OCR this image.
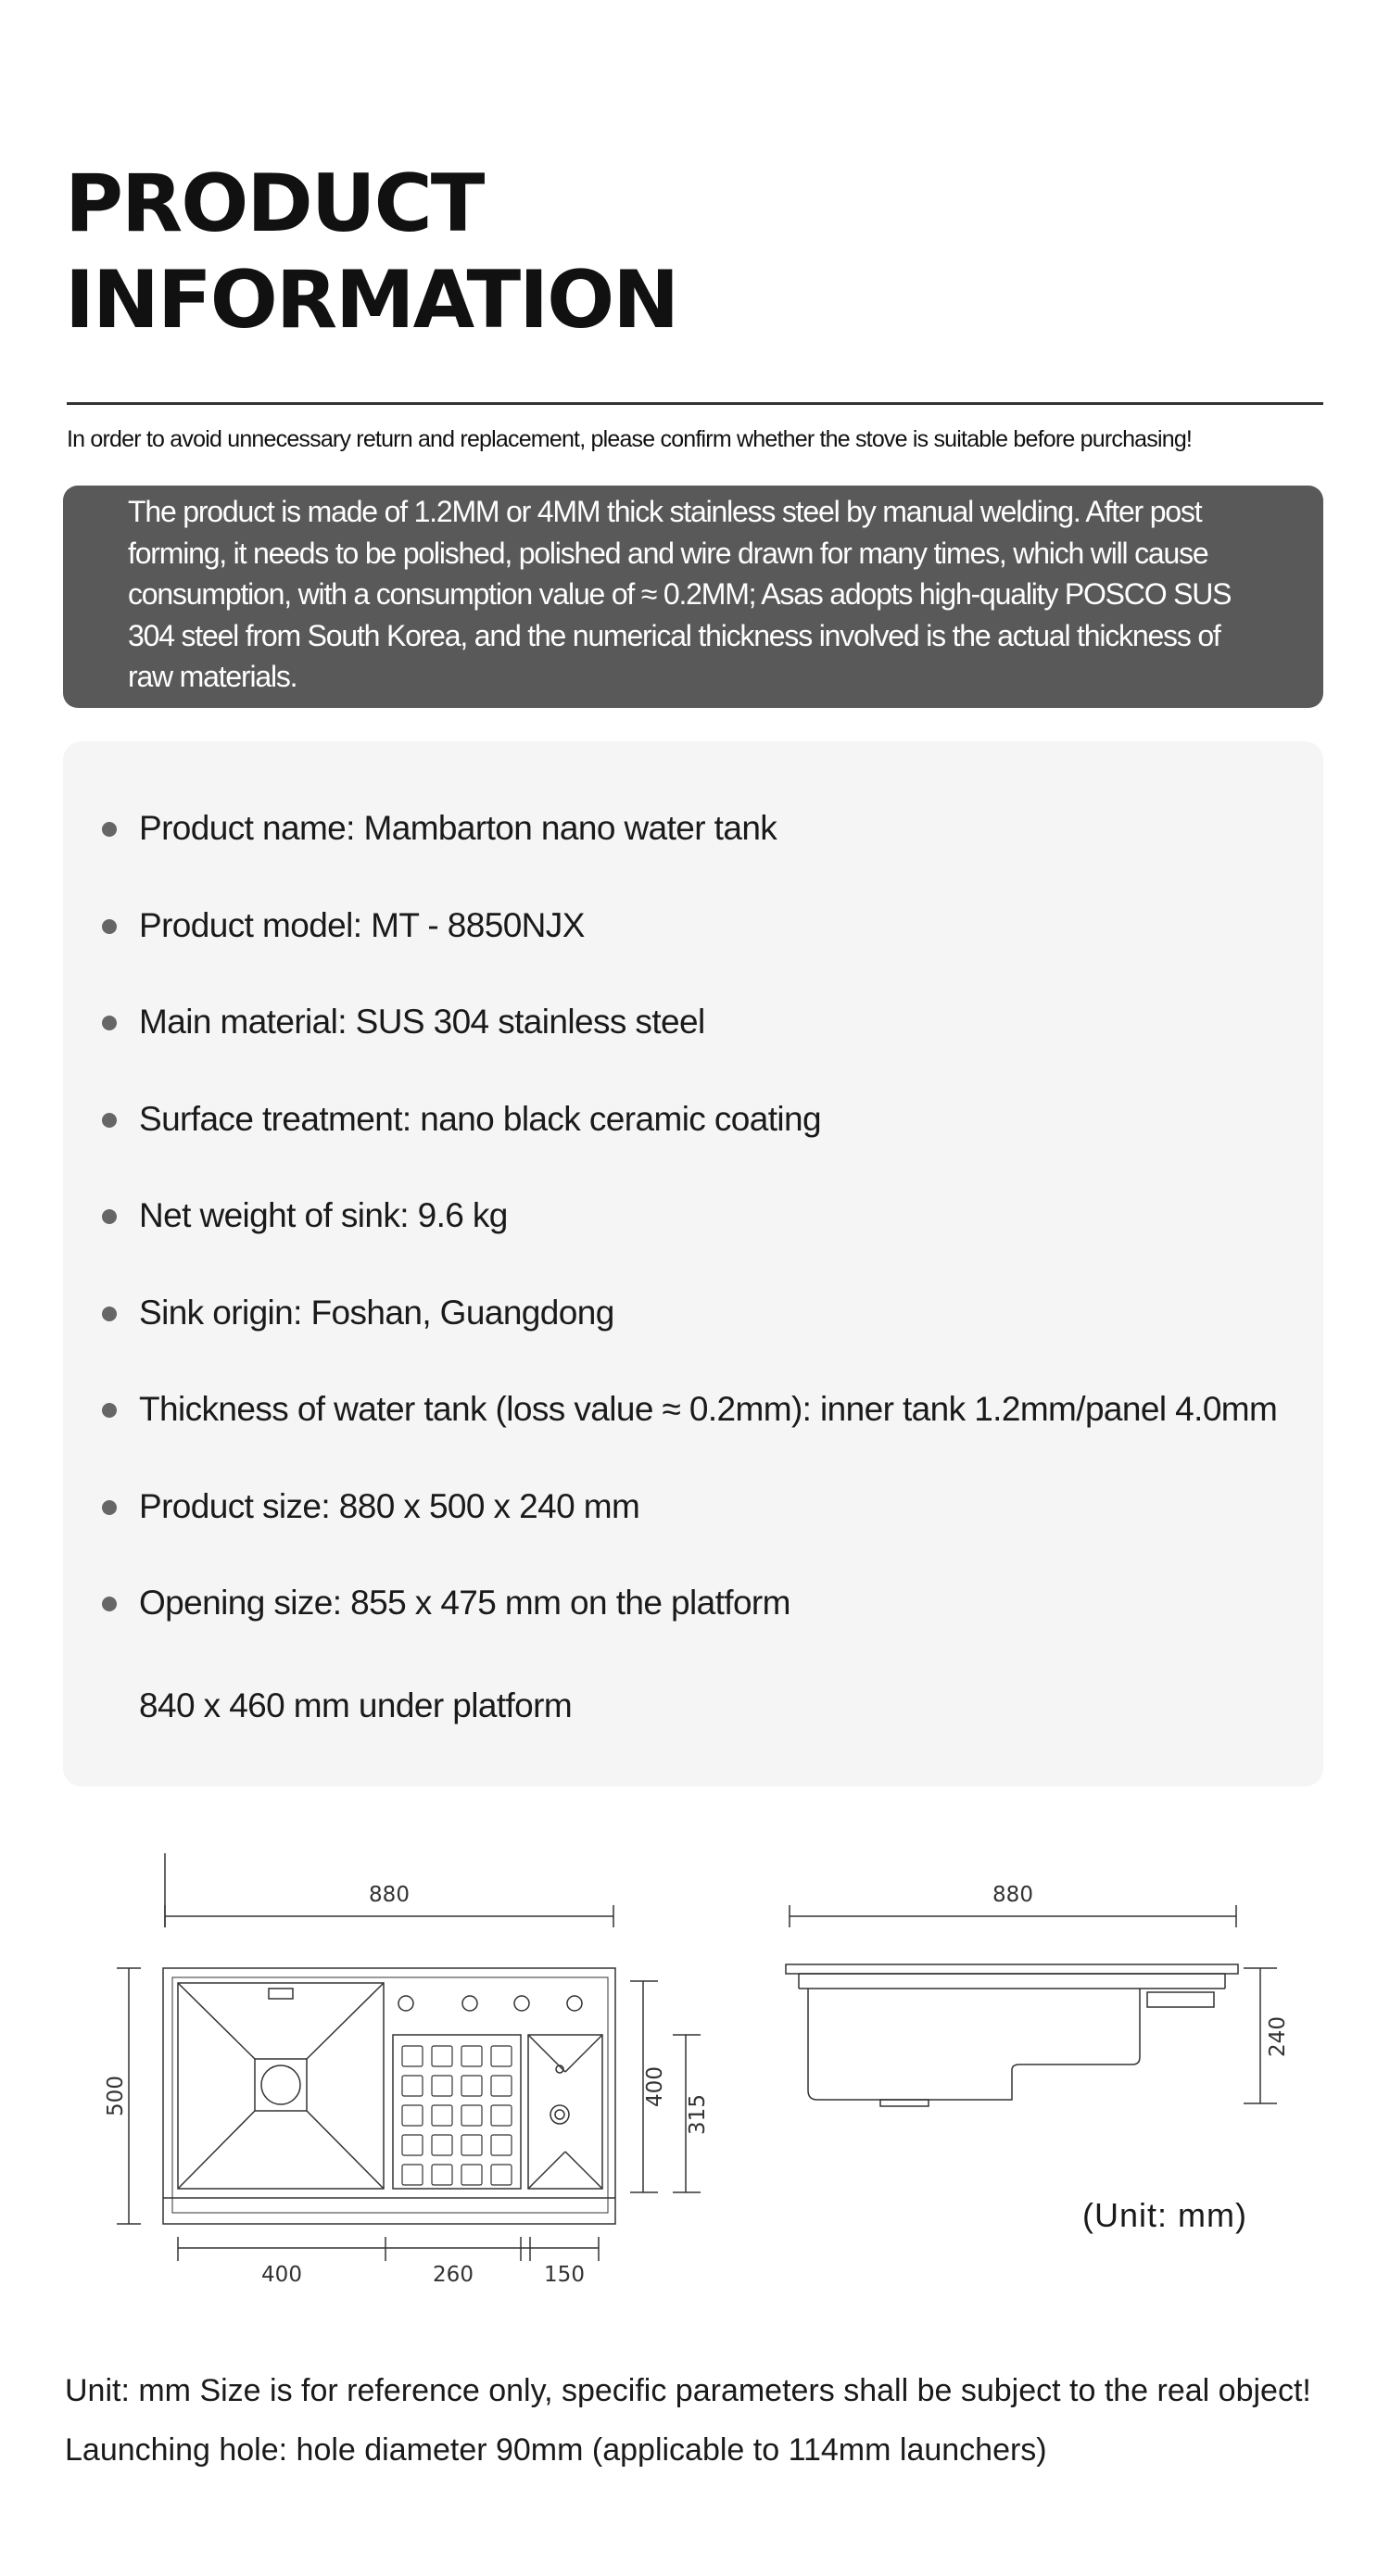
PRODUCT
INFORMATION
In order to avoid unnecessary return and replacement, please confirm whether the stove is suitable before purchasing!

The product is made of 1.2MM or 4MM thick stainless steel by manual welding. After post

forming, it needs to be polished, polished and wire drawn for many times, which will cause

consumption, with a consumption value of ≈ 0.2MM; Asas adopts high-quality POSCO SUS

304 steel from South Korea, and the numerical thickness involved is the actual thickness of

raw materials.

Product name: Mambarton nano water tank
Product model: MT - 8850NJX
Main material: SUS 304 stainless steel
Surface treatment: nano black ceramic coating
Net weight of sink: 9.6 kg
Sink origin: Foshan, Guangdong
Thickness of water tank (loss value ≈ 0.2mm): inner tank 1.2mm/panel 4.0mm
Product size: 880 x 500 x 240 mm
Opening size: 855 x 475 mm on the platform
840 x 460 mm under platform
880
500	400
315
400	260	150
880
240
(Unit: mm)

Unit: mm Size is for reference only, specific parameters shall be subject to the real object!

Launching hole: hole diameter 90mm (applicable to 114mm launchers)
